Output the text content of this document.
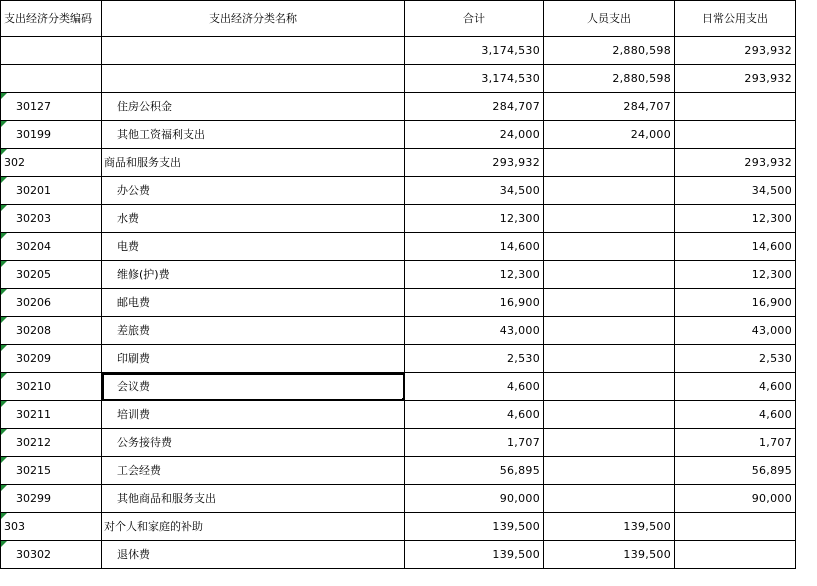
支出经济分类编码	支出经济分类名称	合计	人员支出	日常公用支出
		3,174,530	2,880,598	293,932
		3,174,530	2,880,598	293,932

30127	住房公积金	284,707	284,707	

30199	其他工资福利支出	24,000	24,000	

302	商品和服务支出	293,932		293,932

30201	办公费	34,500		34,500

30203	水费	12,300		12,300

30204	电费	14,600		14,600

30205	维修(护)费	12,300		12,300

30206	邮电费	16,900		16,900

30208	差旅费	43,000		43,000

30209	印刷费	2,530		2,530

30210	会议费	4,600		4,600

30211	培训费	4,600		4,600

30212	公务接待费	1,707		1,707

30215	工会经费	56,895		56,895

30299	其他商品和服务支出	90,000		90,000

303	对个人和家庭的补助	139,500	139,500	

30302	退休费	139,500	139,500	
